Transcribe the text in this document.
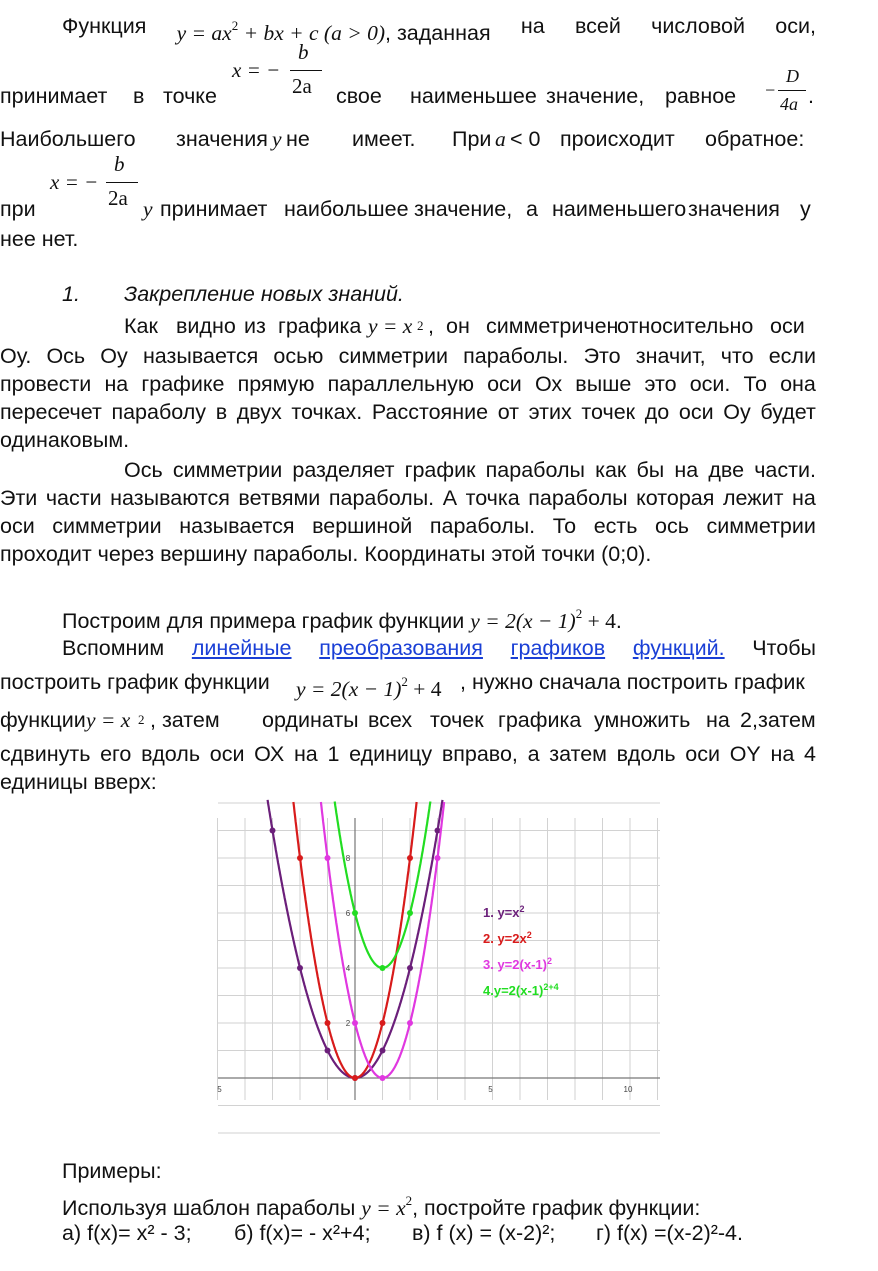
Функция $y = ax^2$ + bx + c (a > 0), заданная на всей числовой оси,
x = −
b
2a	−
D
4a
принимает в точке	свое наименьшее значение, равное	.
Наибольшего значения y не имеет. При a < 0 происходит обратное:
x = −
b
2a
при	y принимает наибольшее значение, а наименьшего значения у
нее нет.
1. Закрепление новых знаний.
Как видно из графика y = x 2 , он симметричен
относительно оси
Оу. Ось Оу называется осью симметрии параболы. Это значит, что если
провести на графике прямую параллельную оси Ох выше это оси. То она
пересечет параболу в двух точках. Расстояние от этих точек до оси Оу будет
одинаковым.
Ось симметрии разделяет график параболы как бы на две части.
Эти части называются ветвями параболы. А точка параболы которая лежит на
оси симметрии называется вершиной параболы. То есть ось симметрии
проходит через вершину параболы. Координаты этой точки (0;0).
Построим для примера график функции $y = 2(x - 1)^2 + 4$.
Вспомним линейные преобразования графиков функций. Чтобы
построить график функции $y = 2(x - 1)^2 + 4$ , нужно сначала построить график
функции y = x 2 , затем ординаты всех точек графика умножить на 2, затем
сдвинуть его вдоль оси ОХ на 1 единицу вправо, а затем вдоль оси OY на 4
единицы вверх:
5	5	10
2
4
6
8
1. $y=x^2$
2. $y=2x^2$
3. $y=2(x-1)^2$
$4.y=2(x-1)^{2+4}$
Примеры:
Используя шаблон параболы $y = x^2$, постройте график функции:
а) f(x)= x² - 3; б) f(x)= - x²+4; в) f (x) = (x-2)²; г) f(x) =(x-2)²-4.
